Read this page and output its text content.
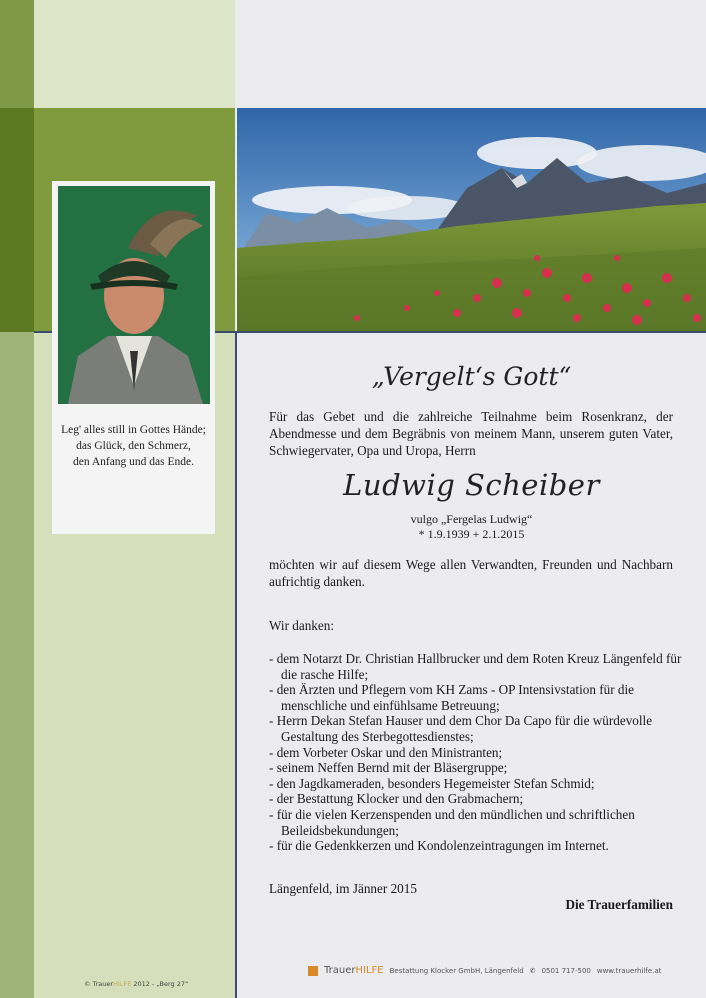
Leg' alles still in Gottes Hände;
das Glück, den Schmerz,
den Anfang und das Ende.
„Vergelt‘s Gott“
Für das Gebet und die zahlreiche Teilnahme beim Rosenkranz, der Abendmesse und dem Begräbnis von meinem Mann, unserem guten Vater, Schwiegervater, Opa und Uropa, Herrn
Ludwig Scheiber
vulgo „Fergelas Ludwig“
* 1.9.1939 + 2.1.2015
möchten wir auf diesem Wege allen Verwandten, Freunden und Nachbarn aufrichtig danken.
Wir danken:
- dem Notarzt Dr. Christian Hallbrucker und dem Roten Kreuz Längenfeld für die rasche Hilfe;
- den Ärzten und Pflegern vom KH Zams - OP Intensivstation für die menschliche und einfühlsame Betreuung;
- Herrn Dekan Stefan Hauser und dem Chor Da Capo für die würdevolle Gestaltung des Sterbegottesdienstes;
- dem Vorbeter Oskar und den Ministranten;
- seinem Neffen Bernd mit der Bläsergruppe;
- den Jagdkameraden, besonders Hegemeister Stefan Schmid;
- der Bestattung Klocker und den Grabmachern;
- für die vielen Kerzenspenden und den mündlichen und schriftlichen Beileidsbekundungen;
- für die Gedenkkerzen und Kondolenzeintragungen im Internet.
Längenfeld, im Jänner 2015
Die Trauerfamilien
© TrauerHILFE 2012 - „Berg 27“
TrauerHILFE Bestattung Klocker GmbH, Längenfeld ✆ 0501 717-500 www.trauerhilfe.at
